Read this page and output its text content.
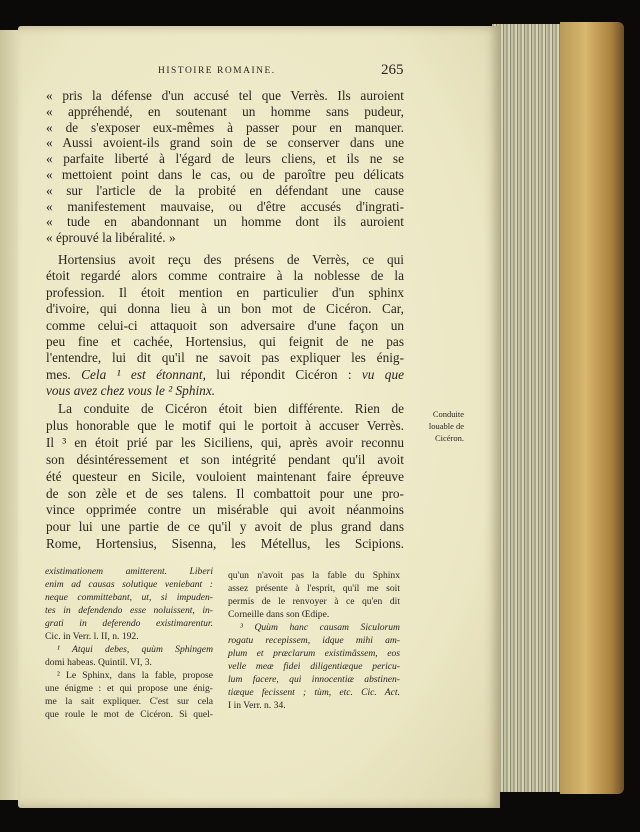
HISTOIRE ROMAINE.	265
« pris la défense d'un accusé tel que Verrès. Ils auroient
« appréhendé, en soutenant un homme sans pudeur,
« de s'exposer eux-mêmes à passer pour en manquer.
« Aussi avoient-ils grand soin de se conserver dans une
« parfaite liberté à l'égard de leurs cliens, et ils ne se
« mettoient point dans le cas, ou de paroître peu délicats
« sur l'article de la probité en défendant une cause
« manifestement mauvaise, ou d'être accusés d'ingrati-
« tude en abandonnant un homme dont ils auroient
« éprouvé la libéralité. »
Hortensius avoit reçu des présens de Verrès, ce qui
étoit regardé alors comme contraire à la noblesse de la
profession. Il étoit mention en particulier d'un sphinx
d'ivoire, qui donna lieu à un bon mot de Cicéron. Car,
comme celui-ci attaquoit son adversaire d'une façon un
peu fine et cachée, Hortensius, qui feignit de ne pas
l'entendre, lui dit qu'il ne savoit pas expliquer les énig-
mes. Cela ¹ est étonnant, lui répondit Cicéron : vu que
vous avez chez vous le ² Sphinx.
La conduite de Cicéron étoit bien différente. Rien de
plus honorable que le motif qui le portoit à accuser Verrès.
Il ³ en étoit prié par les Siciliens, qui, après avoir reconnu
son désintéressement et son intégrité pendant qu'il avoit
été questeur en Sicile, vouloient maintenant faire épreuve
de son zèle et de ses talens. Il combattoit pour une pro-
vince opprimée contre un misérable qui avoit néanmoins
pour lui une partie de ce qu'il y avoit de plus grand dans
Rome, Hortensius, Sisenna, les Métellus, les Scipions.
Conduite
louable de
Cicéron.
existimationem amitterent. Liberi
enim ad causas solutique veniebant :
neque committebant, ut, si impuden-
tes in defendendo esse noluissent, in-
grati in deferendo existimarentur.
Cic. in Verr. l. II, n. 192.
¹ Atqui debes, quùm Sphingem
domi habeas. Quintil. VI, 3.
² Le Sphinx, dans la fable, propose
une énigme : et qui propose une énig-
me la sait expliquer. C'est sur cela
que roule le mot de Cicéron. Si quel-
qu'un n'avoit pas la fable du Sphinx
assez présente à l'esprit, qu'il me soit
permis de le renvoyer à ce qu'en dit
Corneille dans son Œdipe.
³ Quùm hanc causam Siculorum
rogatu recepissem, idque mihi am-
plum et præclarum existimâssem, eos
velle meæ fidei diligentiæque pericu-
lum facere, qui innocentiæ abstinen-
tiæque fecissent ; tùm, etc. Cic. Act.
I in Verr. n. 34.
